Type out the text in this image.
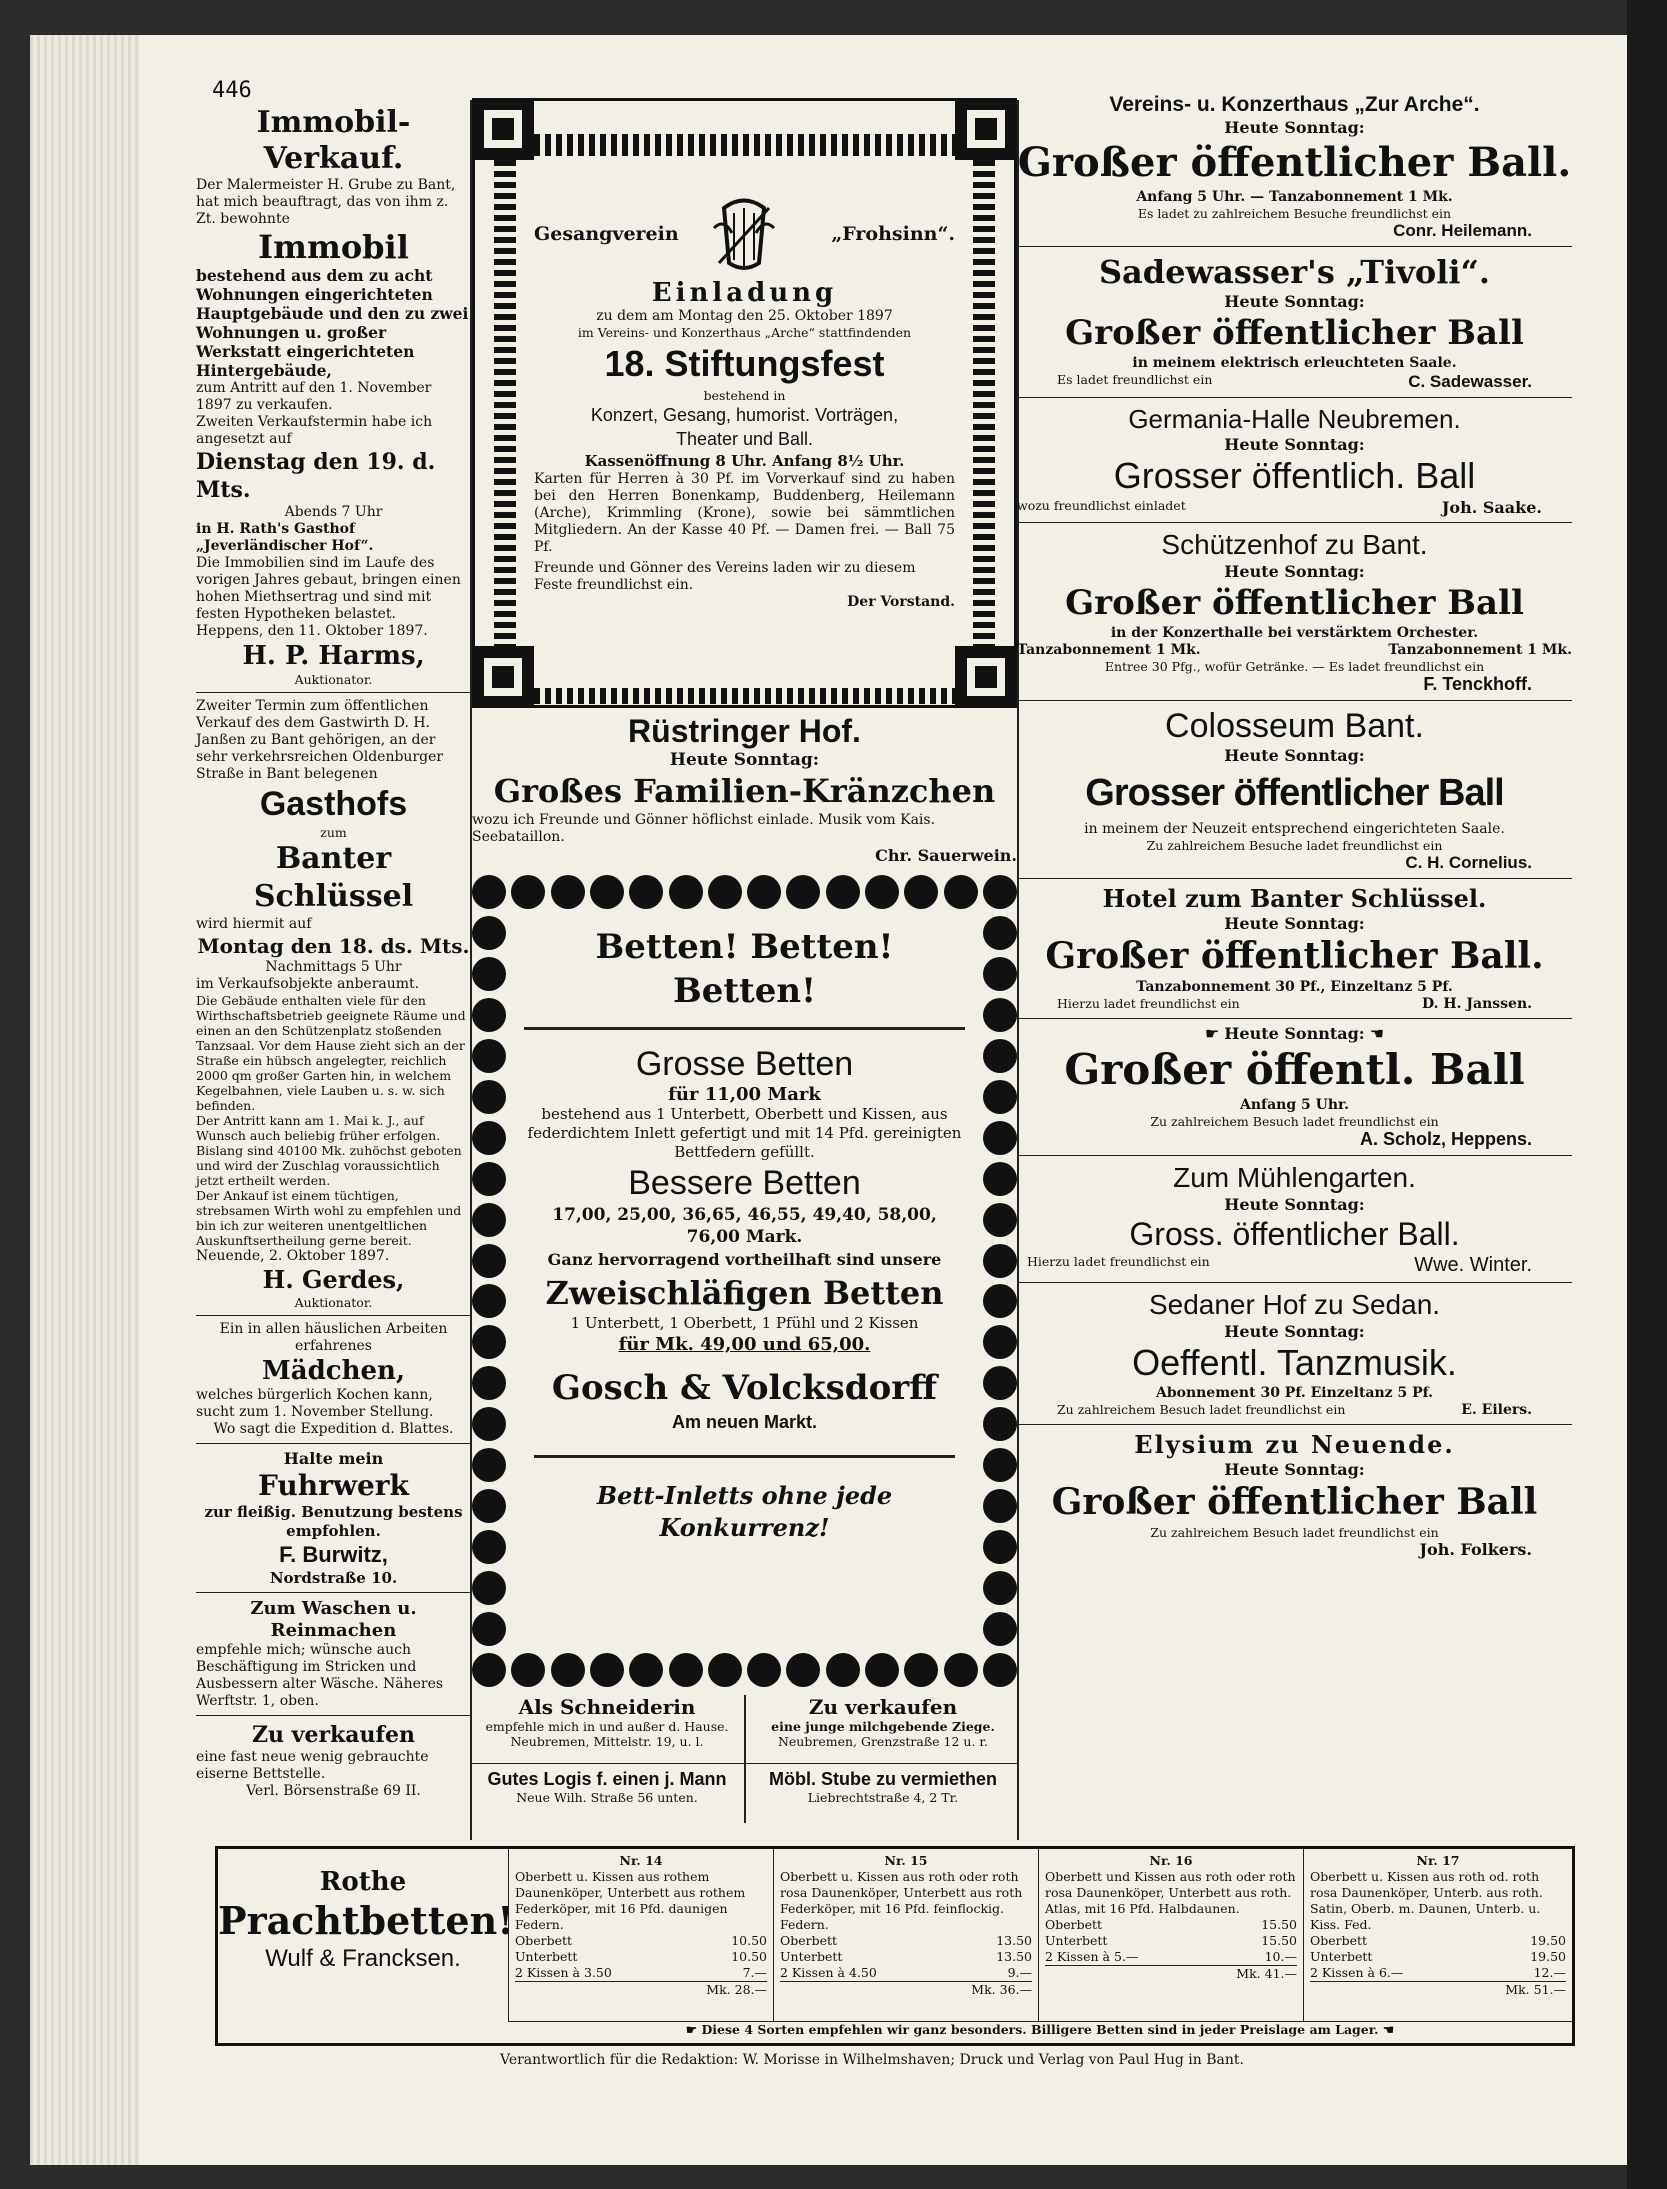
446
Immobil-Verkauf.
Der Malermeister H. Grube zu Bant, hat mich beauftragt, das von ihm z. Zt. bewohnte
Immobil
bestehend aus dem zu acht Wohnungen eingerichteten Hauptgebäude und den zu zwei Wohnungen u. großer Werkstatt eingerichteten Hintergebäude,
zum Antritt auf den 1. November 1897 zu verkaufen.
Zweiten Verkaufstermin habe ich angesetzt auf
Dienstag den 19. d. Mts.
Abends 7 Uhr
in H. Rath's Gasthof „Jeverländischer Hof“.
Die Immobilien sind im Laufe des vorigen Jahres gebaut, bringen einen hohen Miethsertrag und sind mit festen Hypotheken belastet.
Heppens, den 11. Oktober 1897.
H. P. Harms,
Auktionator.
Zweiter Termin zum öffentlichen Verkauf des dem Gastwirth D. H. Janßen zu Bant gehörigen, an der sehr verkehrsreichen Oldenburger Straße in Bant belegenen
Gasthofs
zum
Banter Schlüssel
wird hiermit auf
Montag den 18. ds. Mts.
Nachmittags 5 Uhr
im Verkaufsobjekte anberaumt.
Die Gebäude enthalten viele für den Wirthschaftsbetrieb geeignete Räume und einen an den Schützenplatz stoßenden Tanzsaal. Vor dem Hause zieht sich an der Straße ein hübsch angelegter, reichlich 2000 qm großer Garten hin, in welchem Kegelbahnen, viele Lauben u. s. w. sich befinden.
Der Antritt kann am 1. Mai k. J., auf Wunsch auch beliebig früher erfolgen. Bislang sind 40100 Mk. zuhöchst geboten und wird der Zuschlag voraussichtlich jetzt ertheilt werden.
Der Ankauf ist einem tüchtigen, strebsamen Wirth wohl zu empfehlen und bin ich zur weiteren unentgeltlichen Auskunftsertheilung gerne bereit.
Neuende, 2. Oktober 1897.
H. Gerdes,
Auktionator.
Ein in allen häuslichen Arbeiten erfahrenes
Mädchen,
welches bürgerlich Kochen kann, sucht zum 1. November Stellung.
Wo sagt die Expedition d. Blattes.
Halte mein
Fuhrwerk
zur fleißig. Benutzung bestens empfohlen.
F. Burwitz,
Nordstraße 10.
Zum Waschen u. Reinmachen
empfehle mich; wünsche auch Beschäftigung im Stricken und Ausbessern alter Wäsche. Näheres Werftstr. 1, oben.
Zu verkaufen
eine fast neue wenig gebrauchte eiserne Bettstelle.
Verl. Börsenstraße 69 II.
Gesangverein	„Frohsinn“.
Einladung
zu dem am Montag den 25. Oktober 1897
im Vereins- und Konzerthaus „Arche“ stattfindenden
18. Stiftungsfest
bestehend in
Konzert, Gesang, humorist. Vorträgen,
Theater und Ball.
Kassenöffnung 8 Uhr. Anfang 8½ Uhr.
Karten für Herren à 30 Pf. im Vorverkauf sind zu haben bei den Herren Bonenkamp, Buddenberg, Heilemann (Arche), Krimmling (Krone), sowie bei sämmtlichen Mitgliedern. An der Kasse 40 Pf. — Damen frei. — Ball 75 Pf.
Freunde und Gönner des Vereins laden wir zu diesem Feste freundlichst ein.
Der Vorstand.
Rüstringer Hof.
Heute Sonntag:
Großes Familien-Kränzchen
wozu ich Freunde und Gönner höflichst einlade. Musik vom Kais. Seebataillon.
Chr. Sauerwein.
Betten! Betten! Betten!
Grosse Betten
für 11,00 Mark
bestehend aus 1 Unterbett, Oberbett und Kissen, aus federdichtem Inlett gefertigt und mit 14 Pfd. gereinigten Bettfedern gefüllt.
Bessere Betten
17,00, 25,00, 36,65, 46,55, 49,40, 58,00, 76,00 Mark.
Ganz hervorragend vortheilhaft sind unsere
Zweischläfigen Betten
1 Unterbett, 1 Oberbett, 1 Pfühl und 2 Kissen
für Mk. 49,00 und 65,00.
Gosch & Volcksdorff
Am neuen Markt.
Bett-Inletts ohne jede Konkurrenz!
Als Schneiderin
empfehle mich in und außer d. Hause.
Neubremen, Mittelstr. 19, u. l.
Zu verkaufen
eine junge milchgebende Ziege.
Neubremen, Grenzstraße 12 u. r.
Gutes Logis f. einen j. Mann
Neue Wilh. Straße 56 unten.
Möbl. Stube zu vermiethen
Liebrechtstraße 4, 2 Tr.
Vereins- u. Konzerthaus „Zur Arche“.
Heute Sonntag:
Großer öffentlicher Ball.
Anfang 5 Uhr. — Tanzabonnement 1 Mk.
Es ladet zu zahlreichem Besuche freundlichst ein
Conr. Heilemann.
Sadewasser's „Tivoli“.
Heute Sonntag:
Großer öffentlicher Ball
in meinem elektrisch erleuchteten Saale.
Es ladet freundlichst ein	C. Sadewasser.
Germania-Halle Neubremen.
Heute Sonntag:
Grosser öffentlich. Ball
wozu freundlichst einladet	Joh. Saake.
Schützenhof zu Bant.
Heute Sonntag:
Großer öffentlicher Ball
in der Konzerthalle bei verstärktem Orchester.
Tanzabonnement 1 Mk.	Tanzabonnement 1 Mk.
Entree 30 Pfg., wofür Getränke. — Es ladet freundlichst ein
F. Tenckhoff.
Colosseum Bant.
Heute Sonntag:
Grosser öffentlicher Ball
in meinem der Neuzeit entsprechend eingerichteten Saale.
Zu zahlreichem Besuche ladet freundlichst ein
C. H. Cornelius.
Hotel zum Banter Schlüssel.
Heute Sonntag:
Großer öffentlicher Ball.
Tanzabonnement 30 Pf., Einzeltanz 5 Pf.
Hierzu ladet freundlichst ein	D. H. Janssen.
☛ Heute Sonntag: ☚
Großer öffentl. Ball
Anfang 5 Uhr.
Zu zahlreichem Besuch ladet freundlichst ein
A. Scholz, Heppens.
Zum Mühlengarten.
Heute Sonntag:
Gross. öffentlicher Ball.
Hierzu ladet freundlichst ein	Wwe. Winter.
Sedaner Hof zu Sedan.
Heute Sonntag:
Oeffentl. Tanzmusik.
Abonnement 30 Pf. Einzeltanz 5 Pf.
Zu zahlreichem Besuch ladet freundlichst ein	E. Eilers.
Elysium zu Neuende.
Heute Sonntag:
Großer öffentlicher Ball
Zu zahlreichem Besuch ladet freundlichst ein
Joh. Folkers.
Rothe
Prachtbetten!
Wulf & Francksen.
Nr. 14
Oberbett u. Kissen aus rothem Daunenköper, Unterbett aus rothem Federköper, mit 16 Pfd. daunigen Federn.
Oberbett	10.50
Unterbett	10.50
2 Kissen à 3.50	7.—
Mk. 28.—
Nr. 15
Oberbett u. Kissen aus roth oder roth rosa Daunenköper, Unterbett aus roth Federköper, mit 16 Pfd. feinflockig. Federn.
Oberbett	13.50
Unterbett	13.50
2 Kissen à 4.50	9.—
Mk. 36.—
Nr. 16
Oberbett und Kissen aus roth oder roth rosa Daunenköper, Unterbett aus roth. Atlas, mit 16 Pfd. Halbdaunen.
Oberbett	15.50
Unterbett	15.50
2 Kissen à 5.—	10.—
Mk. 41.—
Nr. 17
Oberbett u. Kissen aus roth od. roth rosa Daunenköper, Unterb. aus roth. Satin, Oberb. m. Daunen, Unterb. u. Kiss. Fed.
Oberbett	19.50
Unterbett	19.50
2 Kissen à 6.—	12.—
Mk. 51.—
☛ Diese 4 Sorten empfehlen wir ganz besonders. Billigere Betten sind in jeder Preislage am Lager. ☚
Verantwortlich für die Redaktion: W. Morisse in Wilhelmshaven; Druck und Verlag von Paul Hug in Bant.
